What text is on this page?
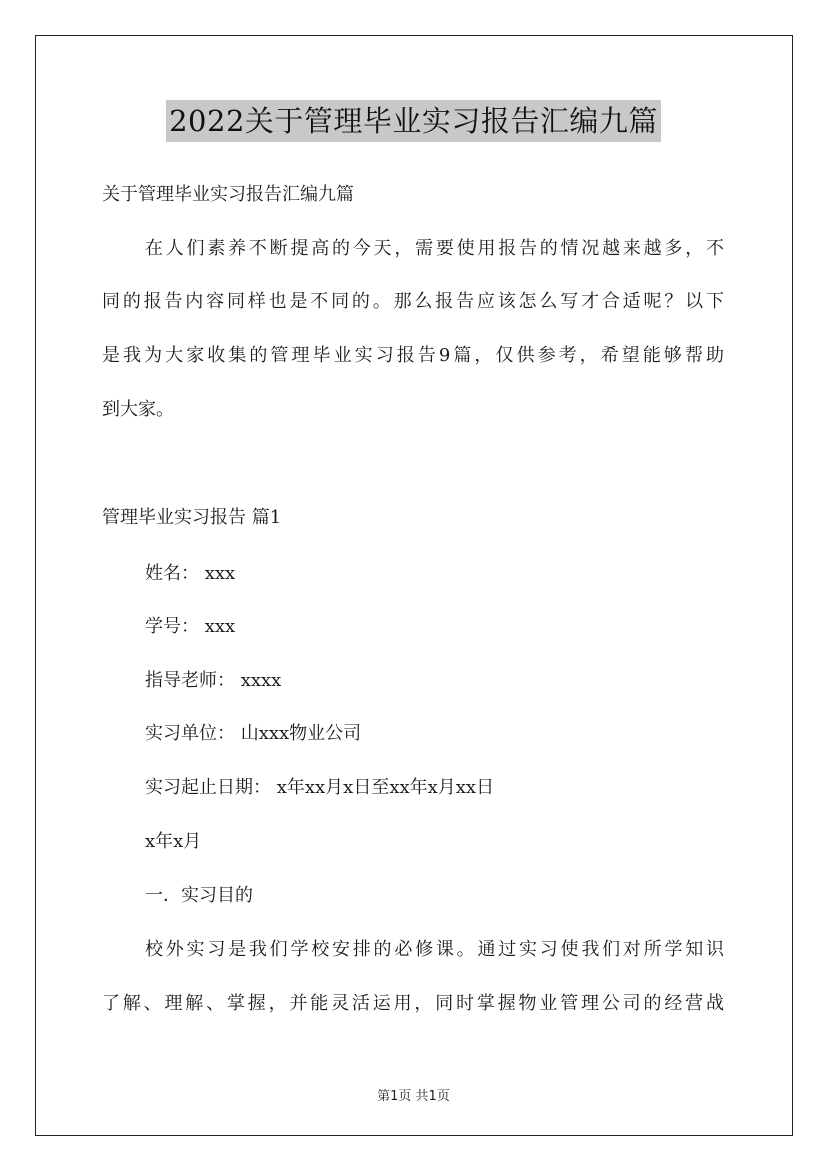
2022关于管理毕业实习报告汇编九篇
关于管理毕业实习报告汇编九篇
在人们素养不断提高的今天，需要使用报告的情况越来越多，不
同的报告内容同样也是不同的。那么报告应该怎么写才合适呢？以下
是我为大家收集的管理毕业实习报告9篇，仅供参考，希望能够帮助
到大家。
管理毕业实习报告 篇1
姓名： xxx
学号： xxx
指导老师： xxxx
实习单位： 山xxx物业公司
实习起止日期： x年xx月x日至xx年x月xx日
x年x月
一．实习目的
校外实习是我们学校安排的必修课。通过实习使我们对所学知识
了解、理解、掌握，并能灵活运用，同时掌握物业管理公司的经营战
第1页 共1页
